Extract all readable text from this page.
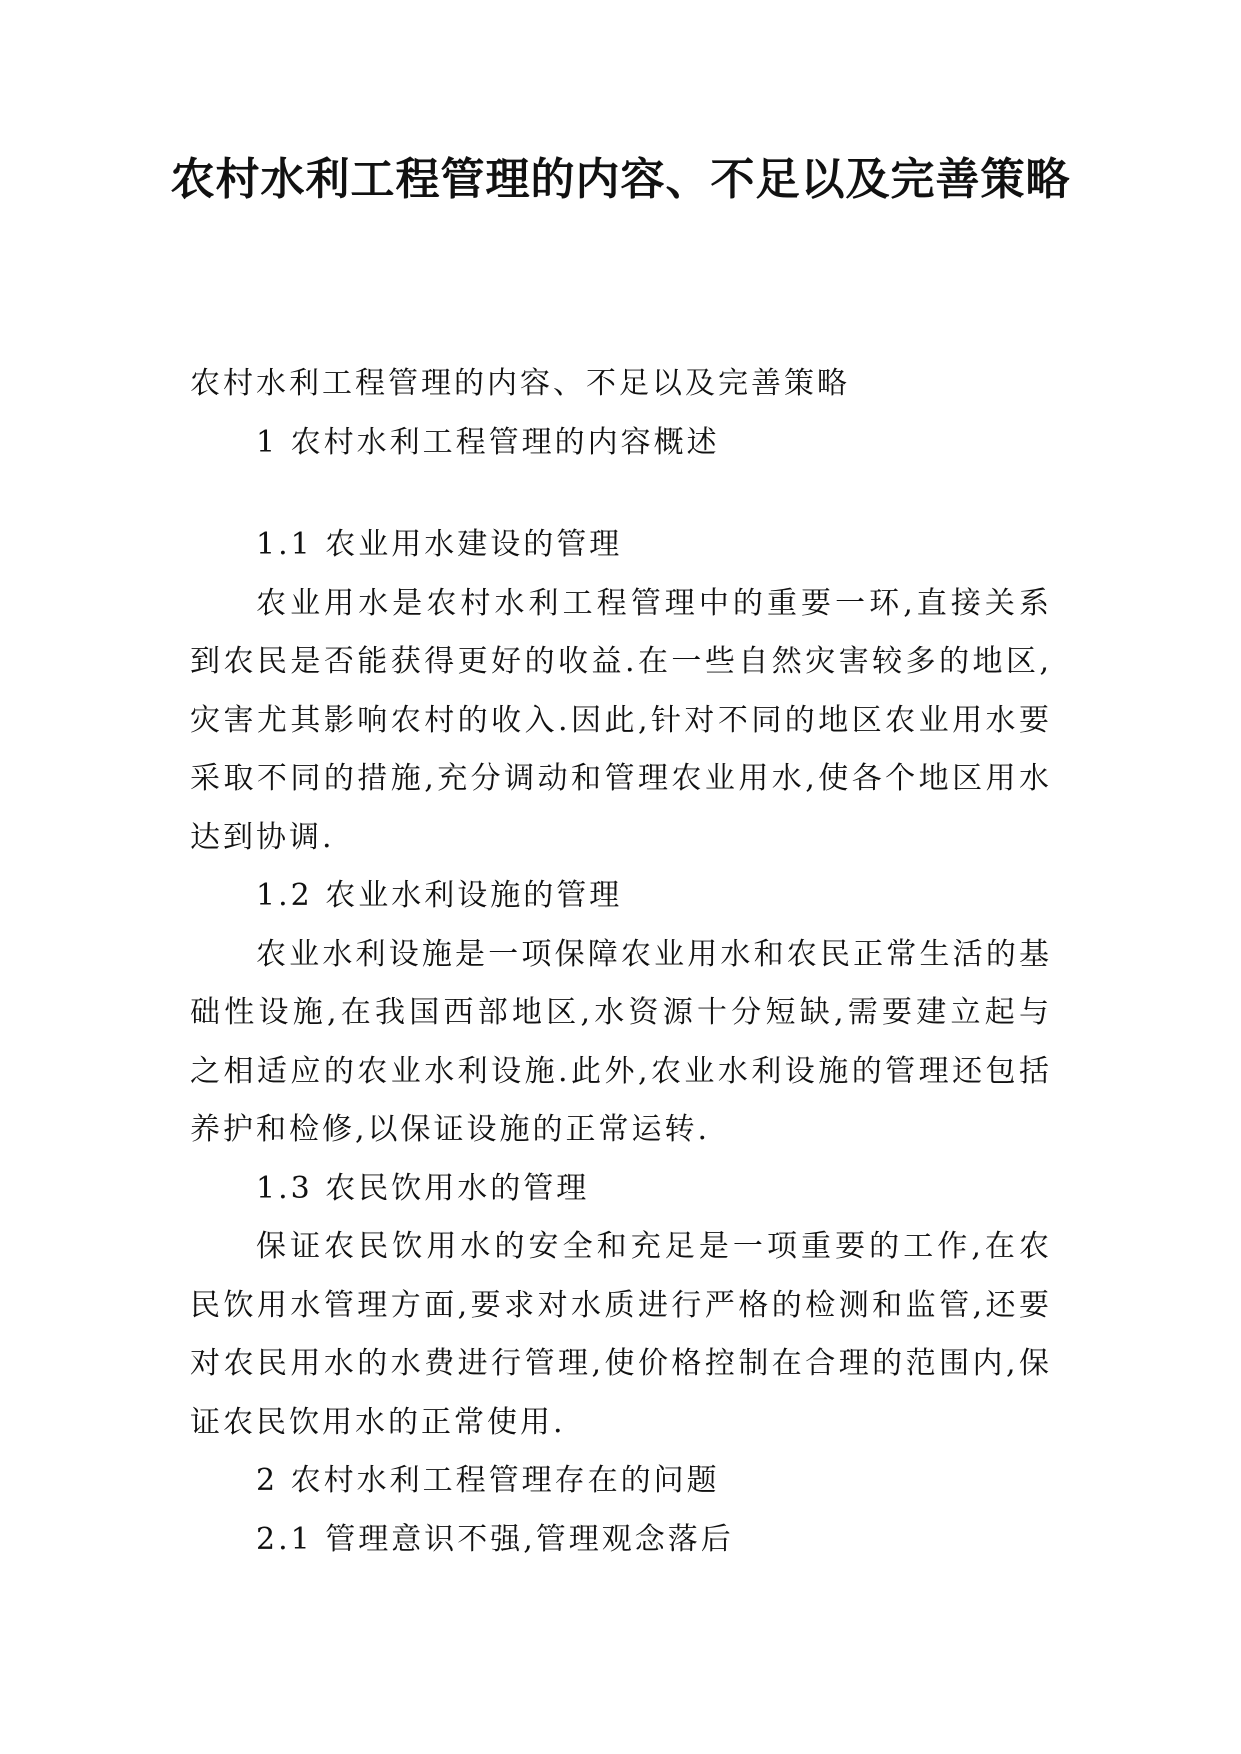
农村水利工程管理的内容、不足以及完善策略

农村水利工程管理的内容、不足以及完善策略

1 农村水利工程管理的内容概述

1.1 农业用水建设的管理

农业用水是农村水利工程管理中的重要一环,直接关系到农民是否能获得更好的收益.在一些自然灾害较多的地区,灾害尤其影响农村的收入.因此,针对不同的地区农业用水要采取不同的措施,充分调动和管理农业用水,使各个地区用水达到协调.

1.2 农业水利设施的管理

农业水利设施是一项保障农业用水和农民正常生活的基础性设施,在我国西部地区,水资源十分短缺,需要建立起与之相适应的农业水利设施.此外,农业水利设施的管理还包括养护和检修,以保证设施的正常运转.

1.3 农民饮用水的管理

保证农民饮用水的安全和充足是一项重要的工作,在农民饮用水管理方面,要求对水质进行严格的检测和监管,还要对农民用水的水费进行管理,使价格控制在合理的范围内,保证农民饮用水的正常使用.

2 农村水利工程管理存在的问题

2.1 管理意识不强,管理观念落后
